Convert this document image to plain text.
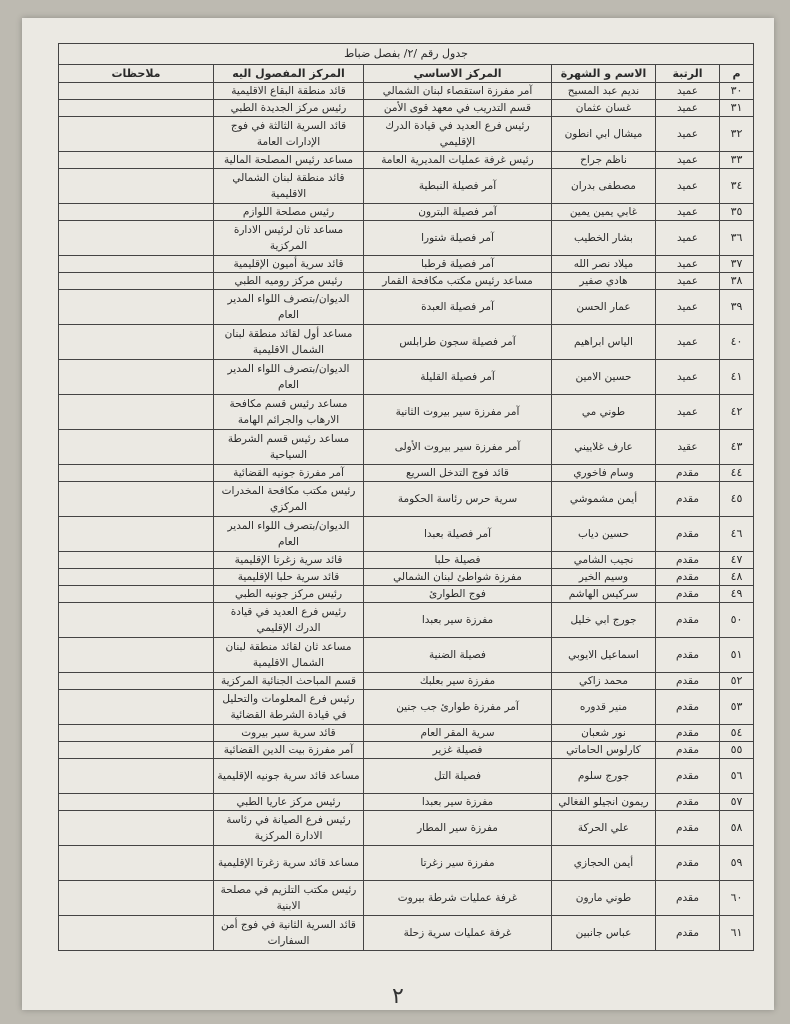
جدول رقم /٢/ بفصل ضباط					
م	الرتبة	الاسم و الشهرة	المركز الاساسي	المركز المفصول اليه	ملاحظات
٣٠	عميد	نديم عبد المسيح	آمر مفرزة استقصاء لبنان الشمالي	قائد منطقة البقاع الاقليمية	
٣١	عميد	غسان عثمان	قسم التدريب في معهد قوى الأمن	رئيس مركز الجديدة الطبي	
٣٢	عميد	ميشال ابي انطون	رئيس فرع العديد في قيادة الدرك الإقليمي	قائد السرية الثالثة في فوج الإدارات العامة	
٣٣	عميد	ناظم جراح	رئيس غرفة عمليات المديرية العامة	مساعد رئيس المصلحة المالية	
٣٤	عميد	مصطفى بدران	آمر فصيلة النبطية	قائد منطقة لبنان الشمالي الاقليمية	
٣٥	عميد	غابي يمين يمين	آمر فصيلة البترون	رئيس مصلحة اللوازم	
٣٦	عميد	بشار الخطيب	آمر فصيلة شتورا	مساعد ثان لرئيس الادارة المركزية	
٣٧	عميد	ميلاد نصر الله	آمر فصيلة قرطبا	قائد سرية أميون الإقليمية	
٣٨	عميد	هادي صفير	مساعد رئيس مكتب مكافحة القمار	رئيس مركز روميه الطبي	
٣٩	عميد	عمار الحسن	آمر فصيلة العبدة	الديوان/بتصرف اللواء المدير العام	
٤٠	عميد	الياس ابراهيم	آمر فصيلة سجون طرابلس	مساعد أول لقائد منطقة لبنان الشمال الاقليمية	
٤١	عميد	حسين الامين	آمر فصيلة القليلة	الديوان/بتصرف اللواء المدير العام	
٤٢	عميد	طوني مي	آمر مفرزة سير بيروت الثانية	مساعد رئيس قسم مكافحة الارهاب والجرائم الهامة	
٤٣	عقيد	عارف غلاييني	آمر مفرزة سير بيروت الأولى	مساعد رئيس قسم الشرطة السياحية	
٤٤	مقدم	وسام فاخوري	قائد فوج التدخل السريع	آمر مفرزة جونيه القضائية	
٤٥	مقدم	أيمن مشموشي	سرية حرس رئاسة الحكومة	رئيس مكتب مكافحة المخدرات المركزي	
٤٦	مقدم	حسين دياب	آمر فصيلة بعبدا	الديوان/بتصرف اللواء المدير العام	
٤٧	مقدم	نجيب الشامي	فصيلة حلبا	قائد سرية زغرتا الإقليمية	
٤٨	مقدم	وسيم الخير	مفرزة شواطئ لبنان الشمالي	قائد سرية حلبا الإقليمية	
٤٩	مقدم	سركيس الهاشم	فوج الطوارئ	رئيس مركز جونيه الطبي	
٥٠	مقدم	جورج ابي خليل	مفرزة سير بعبدا	رئيس فرع العديد في قيادة الدرك الإقليمي	
٥١	مقدم	اسماعيل الايوبي	فصيلة الضنية	مساعد ثان لقائد منطقة لبنان الشمال الاقليمية	
٥٢	مقدم	محمد زاكي	مفرزة سير بعلبك	قسم المباحث الجنائية المركزية	
٥٣	مقدم	منير قدوره	آمر مفرزة طوارئ جب جنين	رئيس فرع المعلومات والتحليل في قيادة الشرطة القضائية	
٥٤	مقدم	نور شعبان	سرية المقر العام	قائد سرية سير بيروت	
٥٥	مقدم	كارلوس الحاماتي	فصيلة غزير	آمر مفرزة بيت الدين القضائية	
٥٦	مقدم	جورج سلوم	فصيلة التل	مساعد قائد سرية جونيه الإقليمية	
٥٧	مقدم	ريمون انجيلو الفغالي	مفرزة سير بعبدا	رئيس مركز عاريا الطبي	
٥٨	مقدم	علي الحركة	مفرزة سير المطار	رئيس فرع الصيانة في رئاسة الادارة المركزية	
٥٩	مقدم	أيمن الحجازي	مفرزة سير زغرتا	مساعد قائد سرية زغرتا الإقليمية	
٦٠	مقدم	طوني مارون	غرفة عمليات شرطة بيروت	رئيس مكتب التلزيم في مصلحة الابنية	
٦١	مقدم	عباس جانبين	غرفة عمليات سرية زحلة	قائد السرية الثانية في فوج أمن السفارات	
٢
